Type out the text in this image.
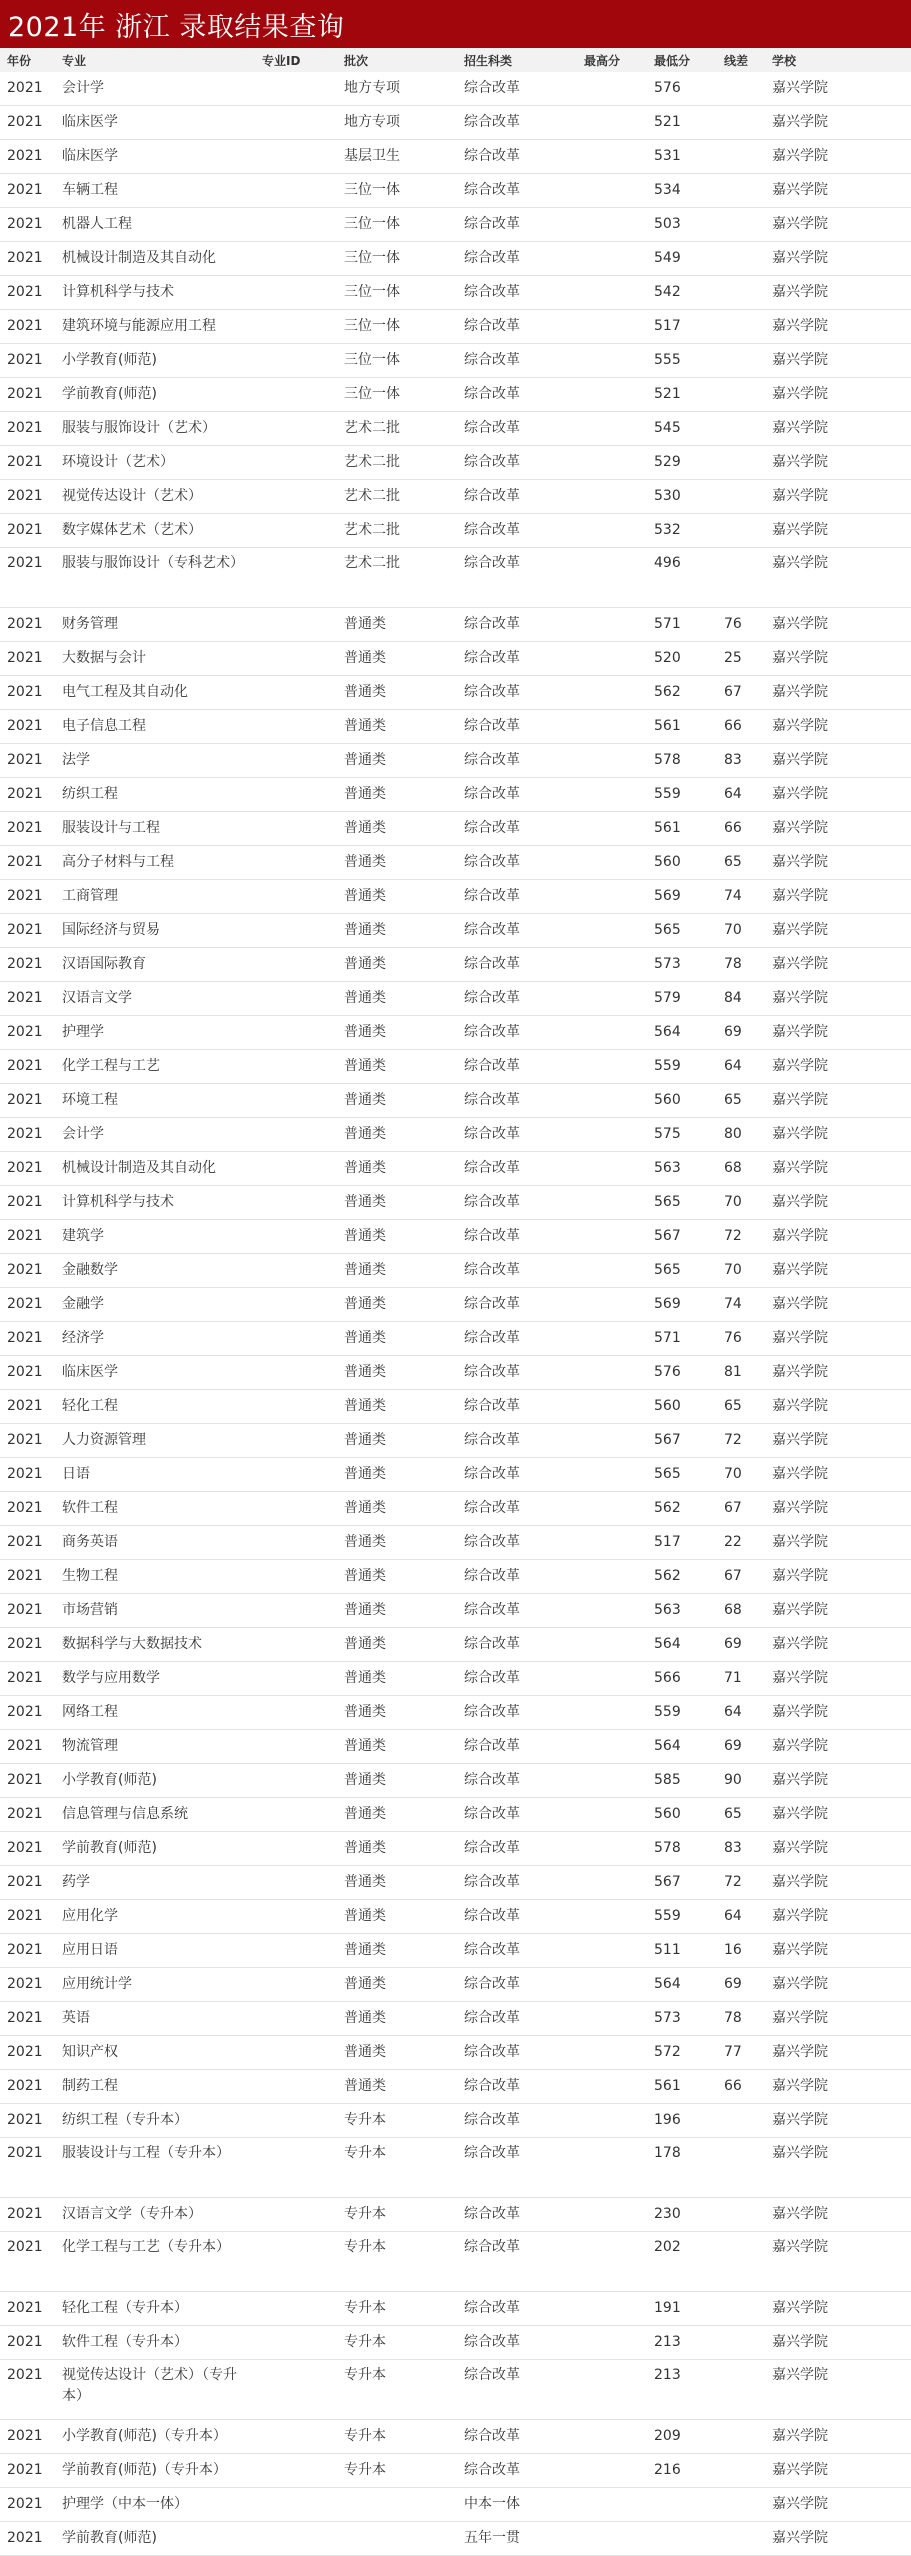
2021年 浙江 录取结果查询
年份	专业	专业ID	批次	招生科类	最高分	最低分	线差	学校
2021	会计学		地方专项	综合改革		576		嘉兴学院
2021	临床医学		地方专项	综合改革		521		嘉兴学院
2021	临床医学		基层卫生	综合改革		531		嘉兴学院
2021	车辆工程		三位一体	综合改革		534		嘉兴学院
2021	机器人工程		三位一体	综合改革		503		嘉兴学院
2021	机械设计制造及其自动化		三位一体	综合改革		549		嘉兴学院
2021	计算机科学与技术		三位一体	综合改革		542		嘉兴学院
2021	建筑环境与能源应用工程		三位一体	综合改革		517		嘉兴学院
2021	小学教育(师范)		三位一体	综合改革		555		嘉兴学院
2021	学前教育(师范)		三位一体	综合改革		521		嘉兴学院
2021	服装与服饰设计（艺术）		艺术二批	综合改革		545		嘉兴学院
2021	环境设计（艺术）		艺术二批	综合改革		529		嘉兴学院
2021	视觉传达设计（艺术）		艺术二批	综合改革		530		嘉兴学院
2021	数字媒体艺术（艺术）		艺术二批	综合改革		532		嘉兴学院
2021	服装与服饰设计（专科艺术）		艺术二批	综合改革		496		嘉兴学院
2021	财务管理		普通类	综合改革		571	76	嘉兴学院
2021	大数据与会计		普通类	综合改革		520	25	嘉兴学院
2021	电气工程及其自动化		普通类	综合改革		562	67	嘉兴学院
2021	电子信息工程		普通类	综合改革		561	66	嘉兴学院
2021	法学		普通类	综合改革		578	83	嘉兴学院
2021	纺织工程		普通类	综合改革		559	64	嘉兴学院
2021	服装设计与工程		普通类	综合改革		561	66	嘉兴学院
2021	高分子材料与工程		普通类	综合改革		560	65	嘉兴学院
2021	工商管理		普通类	综合改革		569	74	嘉兴学院
2021	国际经济与贸易		普通类	综合改革		565	70	嘉兴学院
2021	汉语国际教育		普通类	综合改革		573	78	嘉兴学院
2021	汉语言文学		普通类	综合改革		579	84	嘉兴学院
2021	护理学		普通类	综合改革		564	69	嘉兴学院
2021	化学工程与工艺		普通类	综合改革		559	64	嘉兴学院
2021	环境工程		普通类	综合改革		560	65	嘉兴学院
2021	会计学		普通类	综合改革		575	80	嘉兴学院
2021	机械设计制造及其自动化		普通类	综合改革		563	68	嘉兴学院
2021	计算机科学与技术		普通类	综合改革		565	70	嘉兴学院
2021	建筑学		普通类	综合改革		567	72	嘉兴学院
2021	金融数学		普通类	综合改革		565	70	嘉兴学院
2021	金融学		普通类	综合改革		569	74	嘉兴学院
2021	经济学		普通类	综合改革		571	76	嘉兴学院
2021	临床医学		普通类	综合改革		576	81	嘉兴学院
2021	轻化工程		普通类	综合改革		560	65	嘉兴学院
2021	人力资源管理		普通类	综合改革		567	72	嘉兴学院
2021	日语		普通类	综合改革		565	70	嘉兴学院
2021	软件工程		普通类	综合改革		562	67	嘉兴学院
2021	商务英语		普通类	综合改革		517	22	嘉兴学院
2021	生物工程		普通类	综合改革		562	67	嘉兴学院
2021	市场营销		普通类	综合改革		563	68	嘉兴学院
2021	数据科学与大数据技术		普通类	综合改革		564	69	嘉兴学院
2021	数学与应用数学		普通类	综合改革		566	71	嘉兴学院
2021	网络工程		普通类	综合改革		559	64	嘉兴学院
2021	物流管理		普通类	综合改革		564	69	嘉兴学院
2021	小学教育(师范)		普通类	综合改革		585	90	嘉兴学院
2021	信息管理与信息系统		普通类	综合改革		560	65	嘉兴学院
2021	学前教育(师范)		普通类	综合改革		578	83	嘉兴学院
2021	药学		普通类	综合改革		567	72	嘉兴学院
2021	应用化学		普通类	综合改革		559	64	嘉兴学院
2021	应用日语		普通类	综合改革		511	16	嘉兴学院
2021	应用统计学		普通类	综合改革		564	69	嘉兴学院
2021	英语		普通类	综合改革		573	78	嘉兴学院
2021	知识产权		普通类	综合改革		572	77	嘉兴学院
2021	制药工程		普通类	综合改革		561	66	嘉兴学院
2021	纺织工程（专升本）		专升本	综合改革		196		嘉兴学院
2021	服装设计与工程（专升本）		专升本	综合改革		178		嘉兴学院
2021	汉语言文学（专升本）		专升本	综合改革		230		嘉兴学院
2021	化学工程与工艺（专升本）		专升本	综合改革		202		嘉兴学院
2021	轻化工程（专升本）		专升本	综合改革		191		嘉兴学院
2021	软件工程（专升本）		专升本	综合改革		213		嘉兴学院
2021	视觉传达设计（艺术）（专升本）		专升本	综合改革		213		嘉兴学院
2021	小学教育(师范)（专升本）		专升本	综合改革		209		嘉兴学院
2021	学前教育(师范)（专升本）		专升本	综合改革		216		嘉兴学院
2021	护理学（中本一体）			中本一体				嘉兴学院
2021	学前教育(师范)			五年一贯				嘉兴学院
